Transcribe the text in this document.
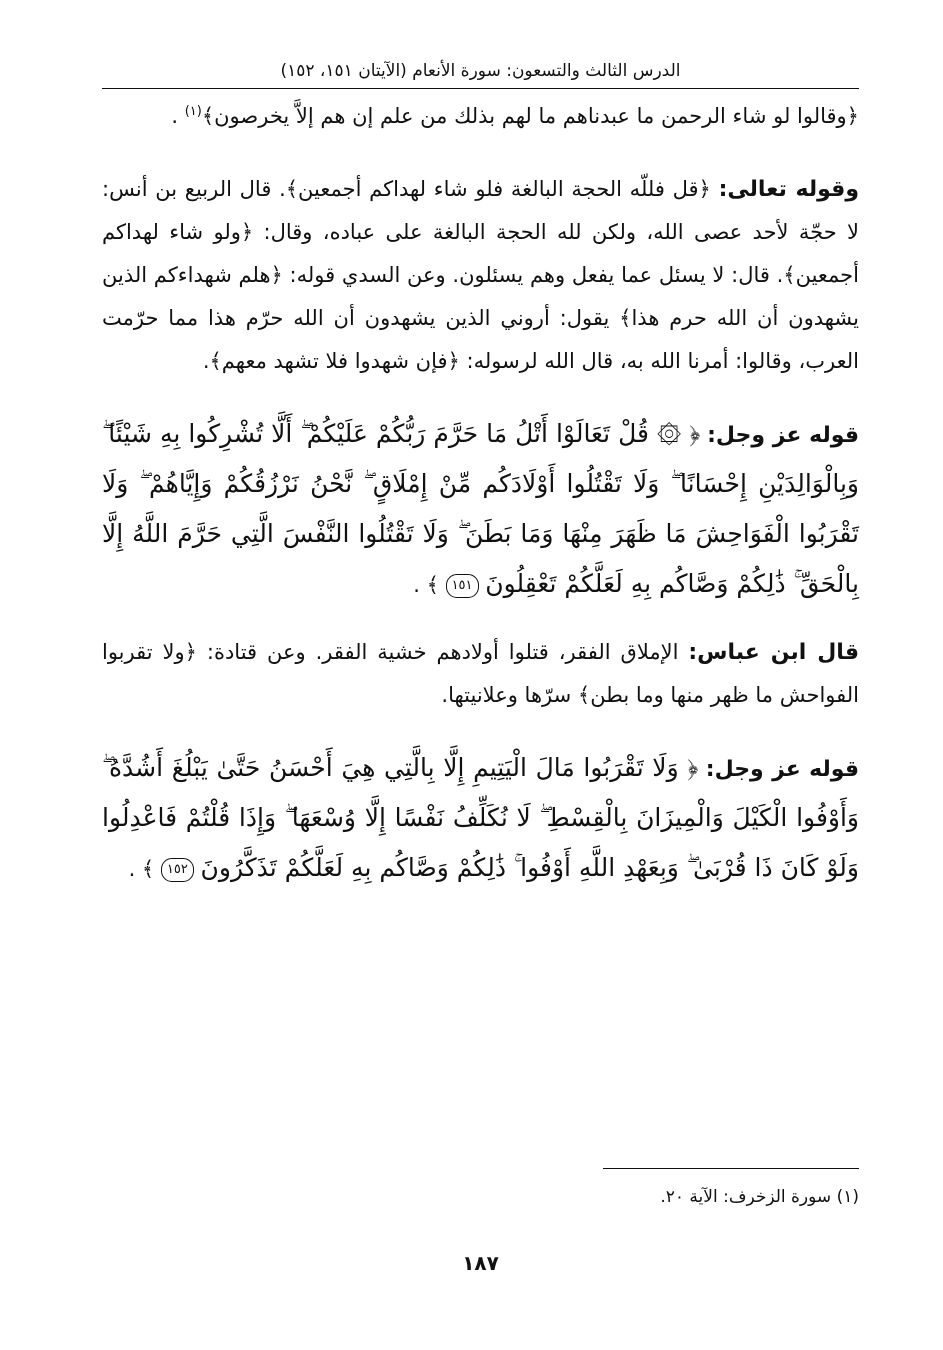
الدرس الثالث والتسعون: سورة الأنعام (الآيتان ١٥١، ١٥٢)

﴿وقالوا لو شاء الرحمن ما عبدناهم ما لهم بذلك من علم إن هم إلاَّ يخرصون﴾$^{(١)}$ .

وقوله تعالى: ﴿قل فللّه الحجة البالغة فلو شاء لهداكم أجمعين﴾. قال الربيع بن أنس: لا حجّة لأحد عصى الله، ولكن لله الحجة البالغة على عباده، وقال: ﴿ولو شاء لهداكم أجمعين﴾. قال: لا يسئل عما يفعل وهم يسئلون. وعن السدي قوله: ﴿هلم شهداءكم الذين يشهدون أن الله حرم هذا﴾ يقول: أروني الذين يشهدون أن الله حرّم هذا مما حرّمت العرب، وقالوا: أمرنا الله به، قال الله لرسوله: ﴿فإن شهدوا فلا تشهد معهم﴾.

قوله عز وجل: ﴿ ۞ قُلْ تَعَالَوْا أَتْلُ مَا حَرَّمَ رَبُّكُمْ عَلَيْكُمْ ۖ أَلَّا تُشْرِكُوا بِهِ شَيْئًا ۖ وَبِالْوَالِدَيْنِ إِحْسَانًا ۖ وَلَا تَقْتُلُوا أَوْلَادَكُم مِّنْ إِمْلَاقٍ ۖ نَّحْنُ نَرْزُقُكُمْ وَإِيَّاهُمْ ۖ وَلَا تَقْرَبُوا الْفَوَاحِشَ مَا ظَهَرَ مِنْهَا وَمَا بَطَنَ ۖ وَلَا تَقْتُلُوا النَّفْسَ الَّتِي حَرَّمَ اللَّهُ إِلَّا بِالْحَقِّ ۚ ذَٰلِكُمْ وَصَّاكُم بِهِ لَعَلَّكُمْ تَعْقِلُونَ ١٥١ ﴾ .

قال ابن عباس: الإملاق الفقر، قتلوا أولادهم خشية الفقر. وعن قتادة: ﴿ولا تقربوا الفواحش ما ظهر منها وما بطن﴾ سرّها وعلانيتها.

قوله عز وجل: ﴿ وَلَا تَقْرَبُوا مَالَ الْيَتِيمِ إِلَّا بِالَّتِي هِيَ أَحْسَنُ حَتَّىٰ يَبْلُغَ أَشُدَّهُ ۖ وَأَوْفُوا الْكَيْلَ وَالْمِيزَانَ بِالْقِسْطِ ۖ لَا نُكَلِّفُ نَفْسًا إِلَّا وُسْعَهَا ۖ وَإِذَا قُلْتُمْ فَاعْدِلُوا وَلَوْ كَانَ ذَا قُرْبَىٰ ۖ وَبِعَهْدِ اللَّهِ أَوْفُوا ۚ ذَٰلِكُمْ وَصَّاكُم بِهِ لَعَلَّكُمْ تَذَكَّرُونَ ١٥٢ ﴾ .

(١) سورة الزخرف: الآية ٢٠.
١٨٧
